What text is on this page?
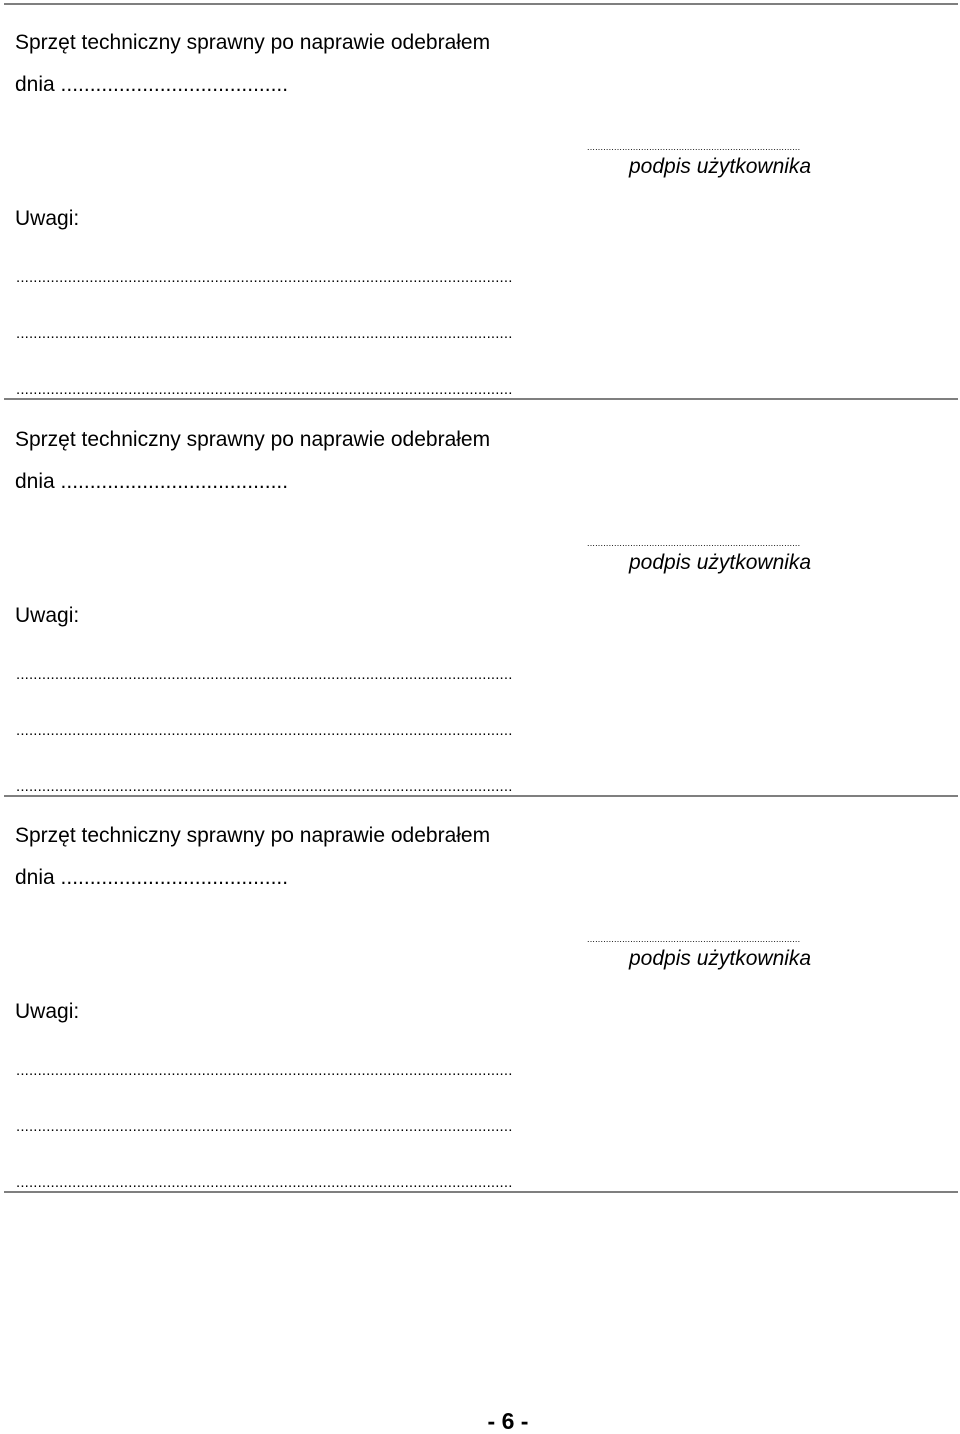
Sprzęt techniczny sprawny po naprawie odebrałem
dnia .......................................
...............................................................................
podpis użytkownika
Uwagi:
...................................................................................................................
...................................................................................................................
...................................................................................................................
Sprzęt techniczny sprawny po naprawie odebrałem
dnia .......................................
...............................................................................
podpis użytkownika
Uwagi:
...................................................................................................................
...................................................................................................................
...................................................................................................................
Sprzęt techniczny sprawny po naprawie odebrałem
dnia .......................................
...............................................................................
podpis użytkownika
Uwagi:
...................................................................................................................
...................................................................................................................
...................................................................................................................
- 6 -
